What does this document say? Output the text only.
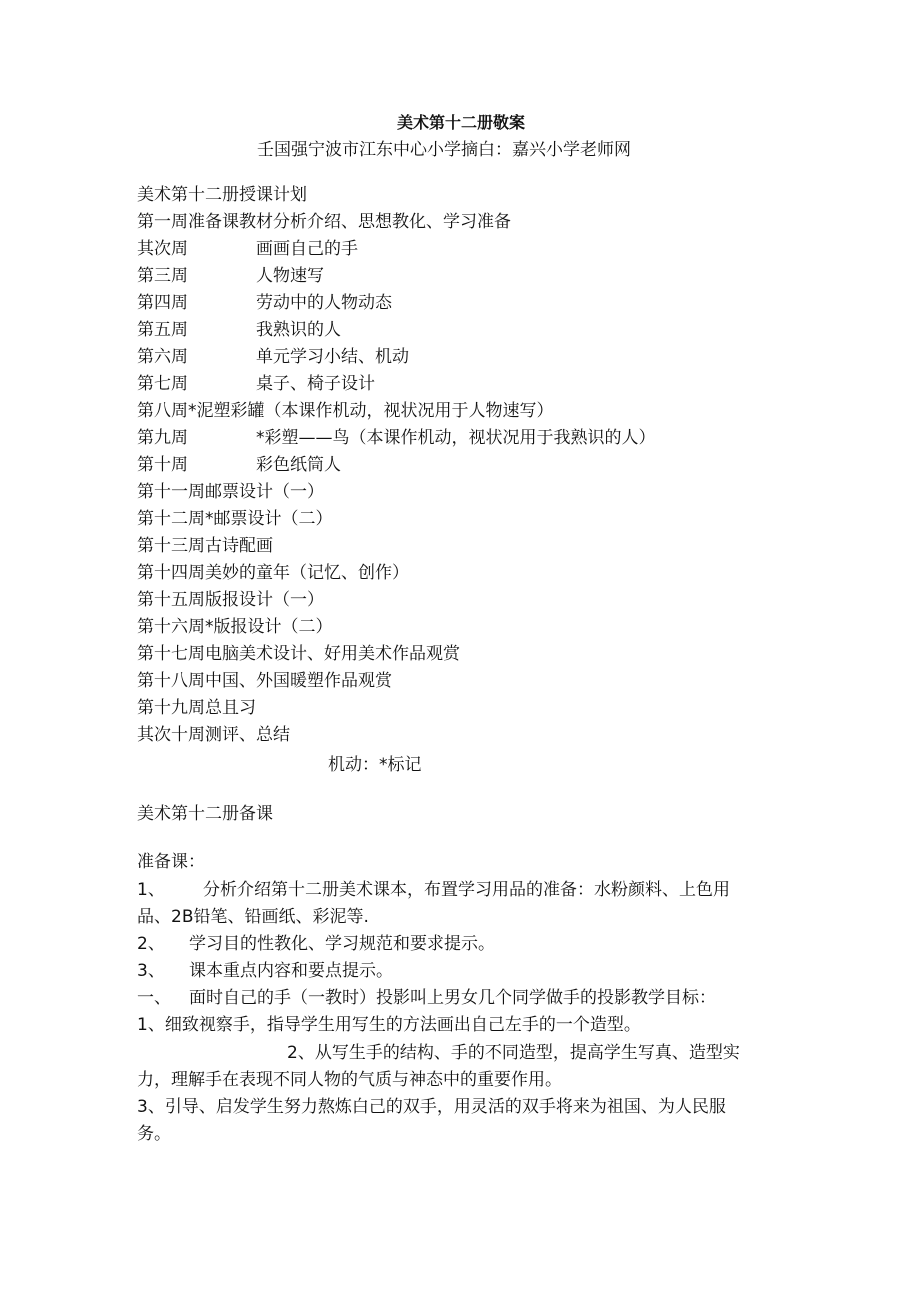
美术第十二册敬案
壬国强宁波市江东中心小学摘白：嘉兴小学老师网
美术第十二册授课计划
第一周准备课教材分析介绍、思想教化、学习准备
其次周	画画自己的手
第三周	人物速写
第四周	劳动中的人物动态
第五周	我熟识的人
第六周	单元学习小结、机动
第七周	桌子、椅子设计
第八周*泥塑彩罐（本课作机动，视状况用于人物速写）
第九周	*彩塑——鸟（本课作机动，视状况用于我熟识的人）
第十周	彩色纸筒人
第十一周邮票设计（一）
第十二周*邮票设计（二）
第十三周古诗配画
第十四周美妙的童年（记忆、创作）
第十五周版报设计（一）
第十六周*版报设计（二）
第十七周电脑美术设计、好用美术作品观赏
第十八周中国、外国暖塑作品观赏
第十九周总且习
其次十周测评、总结
机动：*标记
美术第十二册备课
准备课：
1、 分析介绍第十二册美术课本，布置学习用品的准备：水粉颜料、上色用
品、2B铅笔、铅画纸、彩泥等.
2、 学习目的性教化、学习规范和要求提示。
3、 课本重点内容和要点提示。
一、 面时自己的手（一教时）投影叫上男女几个同学做手的投影教学目标：
1、细致视察手，指导学生用写生的方法画出自己左手的一个造型。
2、从写生手的结构、手的不同造型，提高学生写真、造型实
力，理解手在表现不同人物的气质与神态中的重要作用。
3、引导、启发学生努力熬炼白己的双手，用灵活的双手将来为祖国、为人民服
务。
